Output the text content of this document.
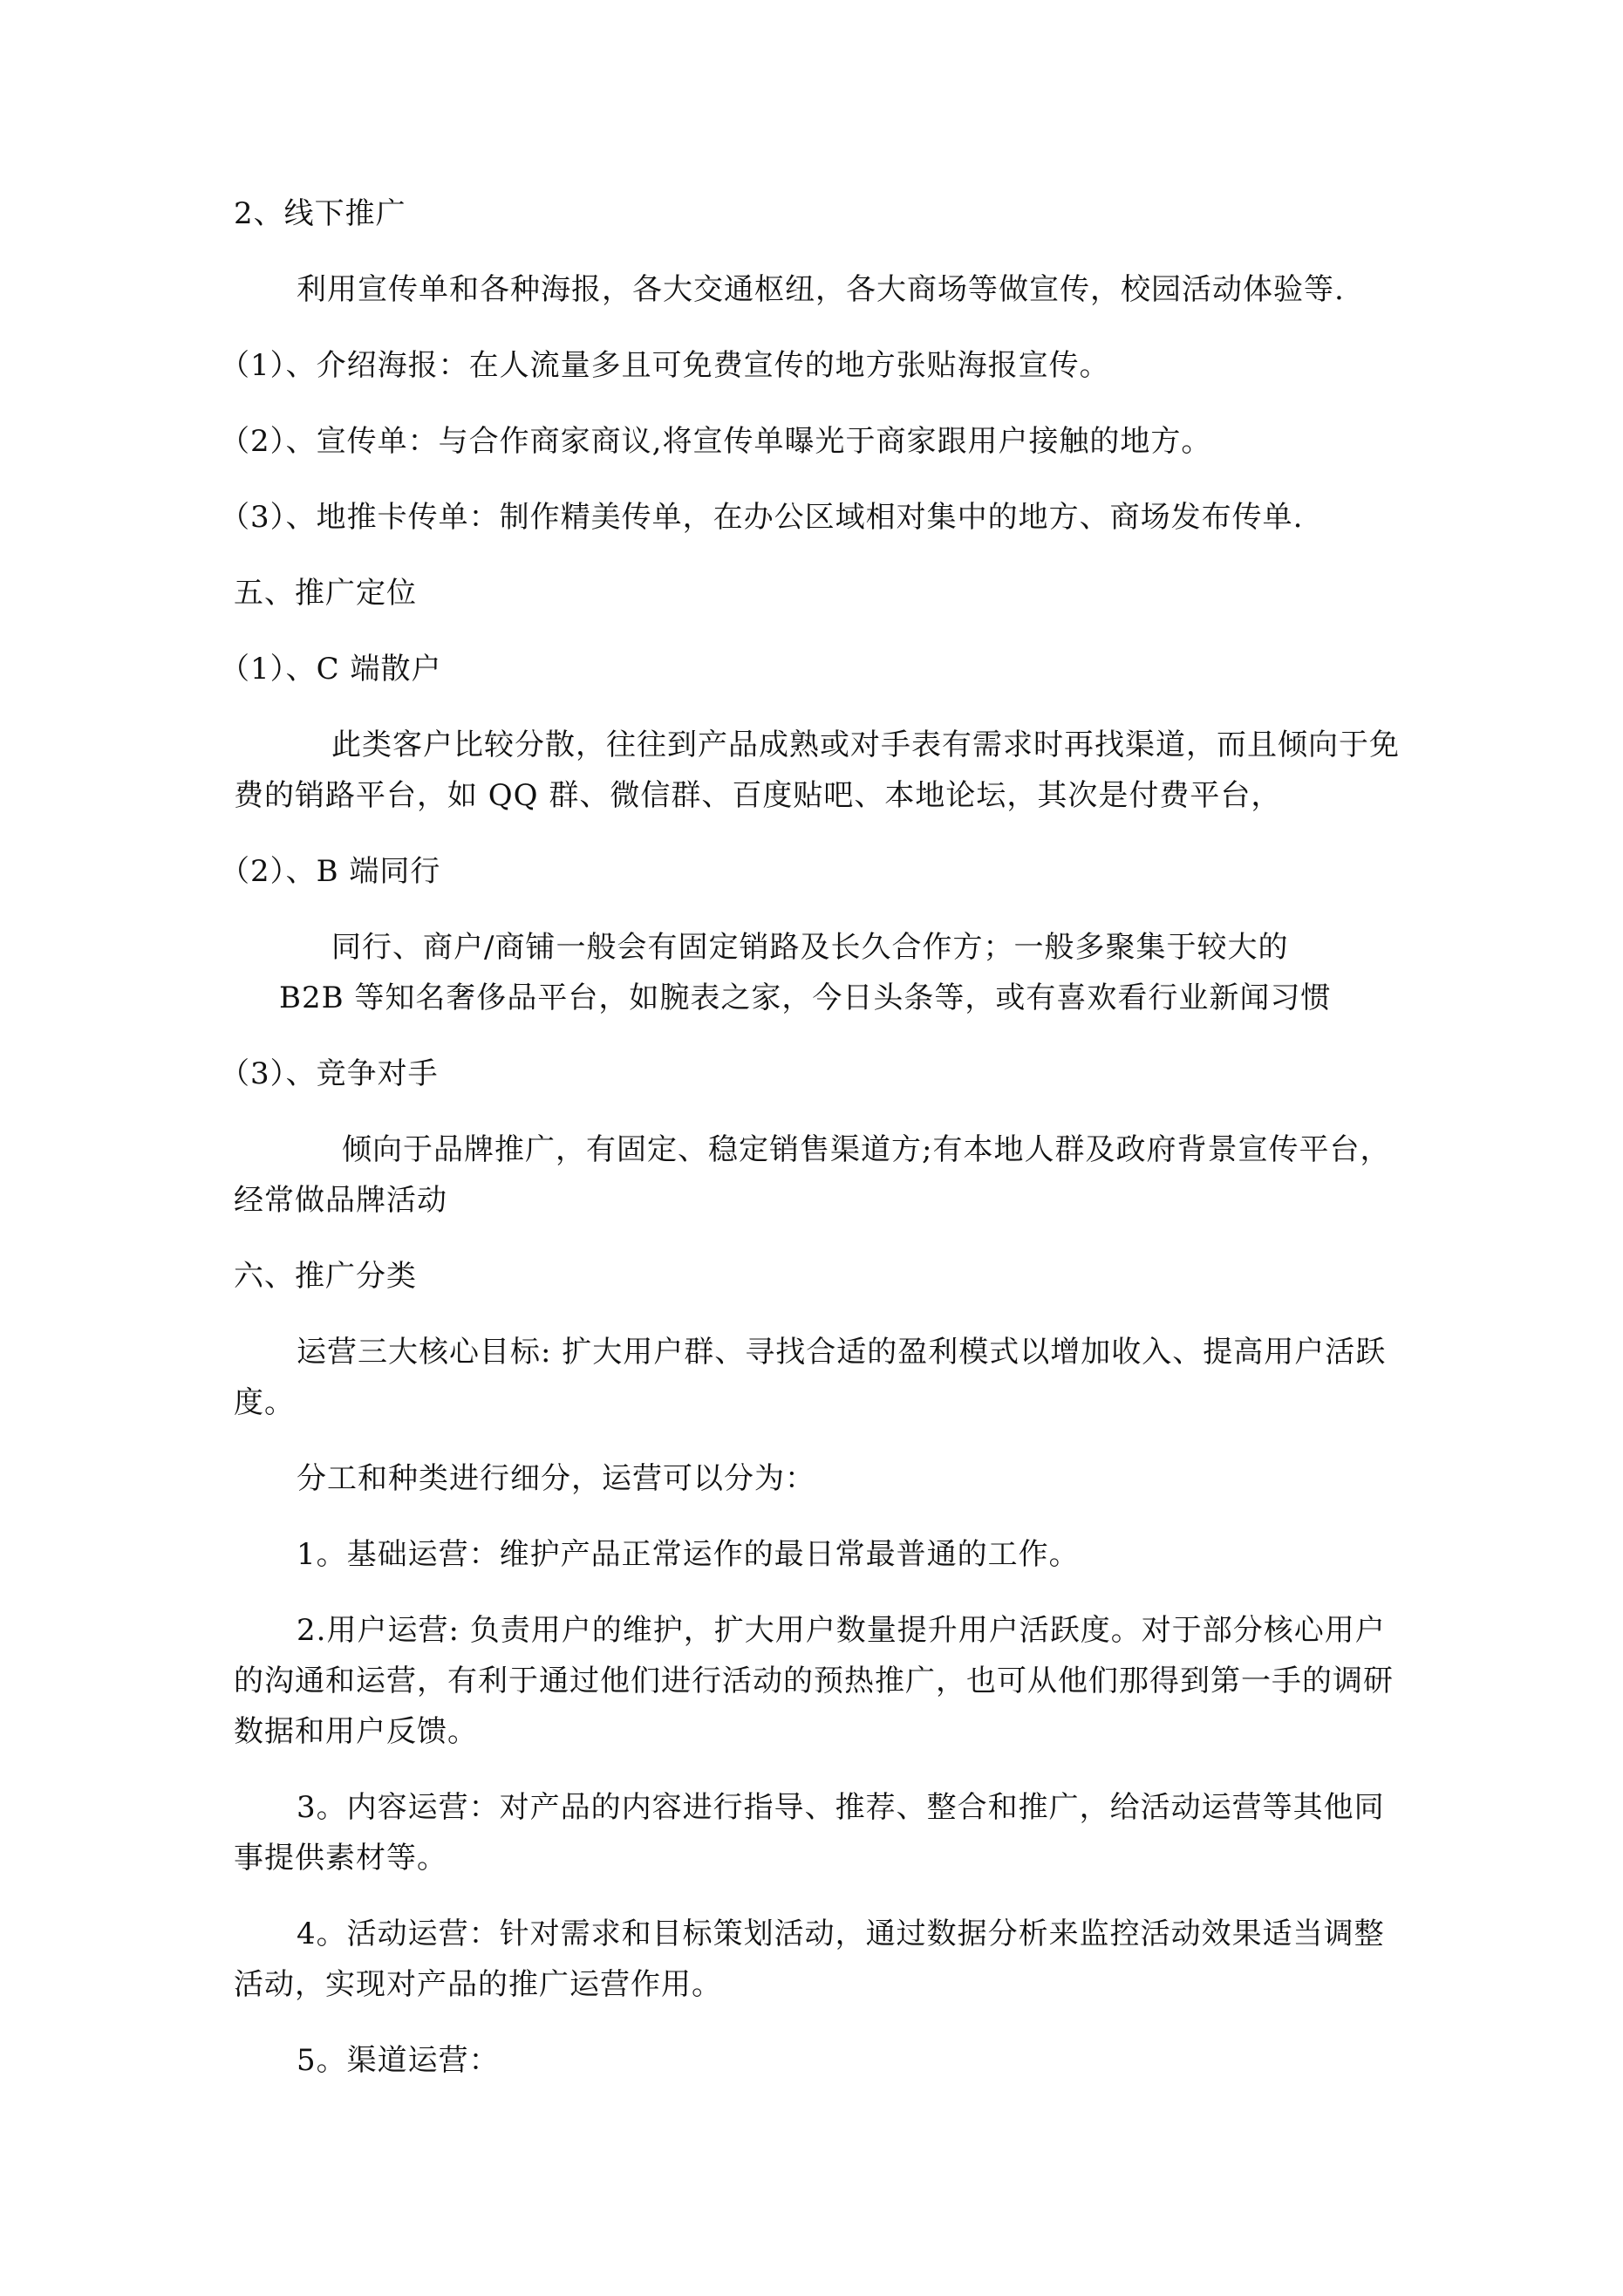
2、线下推广
利用宣传单和各种海报，各大交通枢纽，各大商场等做宣传，校园活动体验等.
（1）、介绍海报：在人流量多且可免费宣传的地方张贴海报宣传。
（2）、宣传单：与合作商家商议,将宣传单曝光于商家跟用户接触的地方。
（3）、地推卡传单：制作精美传单，在办公区域相对集中的地方、商场发布传单.
五、推广定位
（1）、C 端散户
此类客户比较分散，往往到产品成熟或对手表有需求时再找渠道，而且倾向于免
费的销路平台，如 QQ 群、微信群、百度贴吧、本地论坛，其次是付费平台，
（2）、B 端同行
同行、商户/商铺一般会有固定销路及长久合作方；一般多聚集于较大的
B2B 等知名奢侈品平台，如腕表之家，今日头条等，或有喜欢看行业新闻习惯
（3）、竞争对手
倾向于品牌推广，有固定、稳定销售渠道方;有本地人群及政府背景宣传平台，
经常做品牌活动
六、推广分类
运营三大核心目标: 扩大用户群、寻找合适的盈利模式以增加收入、提高用户活跃
度。
分工和种类进行细分，运营可以分为：
1。基础运营：维护产品正常运作的最日常最普通的工作。
2.用户运营: 负责用户的维护，扩大用户数量提升用户活跃度。对于部分核心用户
的沟通和运营，有利于通过他们进行活动的预热推广，也可从他们那得到第一手的调研
数据和用户反馈。
3。内容运营：对产品的内容进行指导、推荐、整合和推广，给活动运营等其他同
事提供素材等。
4。活动运营：针对需求和目标策划活动，通过数据分析来监控活动效果适当调整
活动，实现对产品的推广运营作用。
5。渠道运营：
